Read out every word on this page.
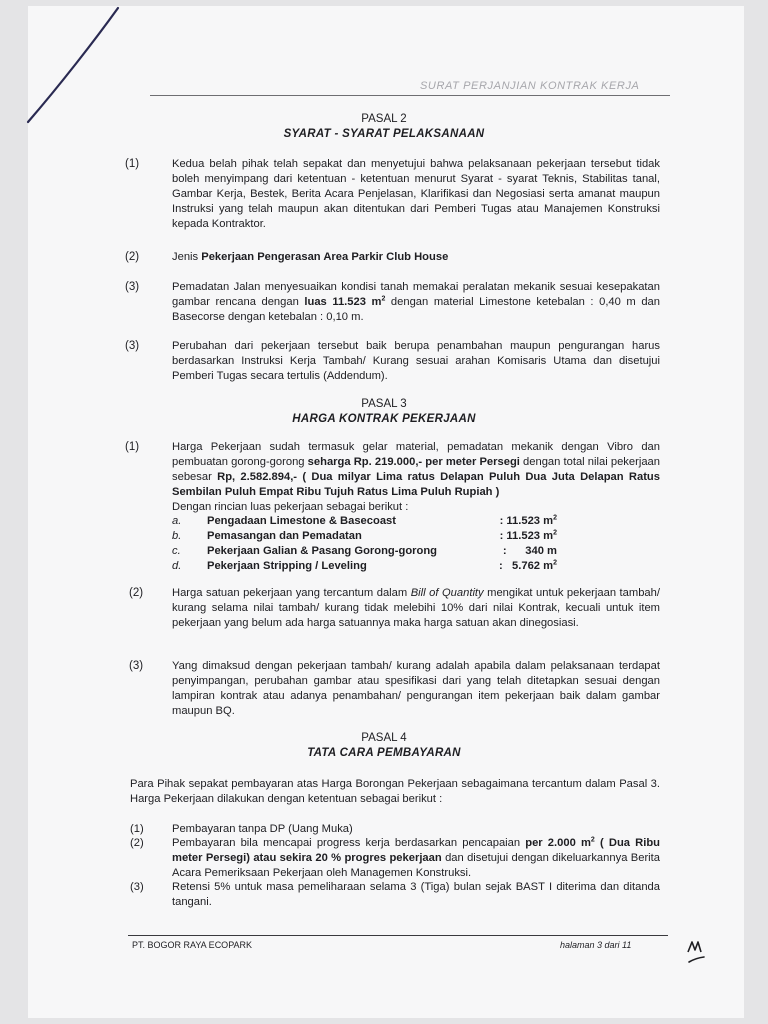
SURAT PERJANJIAN KONTRAK KERJA
PASAL 2
SYARAT - SYARAT PELAKSANAAN
(1)	Kedua belah pihak telah sepakat dan menyetujui bahwa pelaksanaan pekerjaan tersebut tidak boleh menyimpang dari ketentuan - ketentuan menurut Syarat - syarat Teknis, Stabilitas tanal, Gambar Kerja, Bestek, Berita Acara Penjelasan, Klarifikasi dan Negosiasi serta amanat maupun Instruksi yang telah maupun akan ditentukan dari Pemberi Tugas atau Manajemen Konstruksi kepada Kontraktor.
(2)	Jenis Pekerjaan Pengerasan Area Parkir Club House
(3)	Pemadatan Jalan menyesuaikan kondisi tanah memakai peralatan mekanik sesuai kesepakatan gambar rencana dengan luas 11.523 $m^2$ dengan material Limestone ketebalan : 0,40 m dan Basecorse dengan ketebalan : 0,10 m.
(3)	Perubahan dari pekerjaan tersebut baik berupa penambahan maupun pengurangan harus berdasarkan Instruksi Kerja Tambah/ Kurang sesuai arahan Komisaris Utama dan disetujui Pemberi Tugas secara tertulis (Addendum).
PASAL 3
HARGA KONTRAK PEKERJAAN
(1)	Harga Pekerjaan sudah termasuk gelar material, pemadatan mekanik dengan Vibro dan pembuatan gorong-gorong seharga Rp. 219.000,- per meter Persegi dengan total nilai pekerjaan sebesar Rp, 2.582.894,- ( Dua milyar Lima ratus Delapan Puluh Dua Juta Delapan Ratus Sembilan Puluh Empat Ribu Tujuh Ratus Lima Puluh Rupiah )
Dengan rincian luas pekerjaan sebagai berikut :
a.	Pengadaan Limestone & Basecoast	: 11.523 $m^2$
b.	Pemasangan dan Pemadatan	: 11.523 $m^2$
c.	Pekerjaan Galian & Pasang Gorong-gorong	:      340 m
d.	Pekerjaan Stripping / Leveling	:   5.762 $m^2$
(2)	Harga satuan pekerjaan yang tercantum dalam Bill of Quantity mengikat untuk pekerjaan tambah/ kurang selama nilai tambah/ kurang tidak melebihi 10% dari nilai Kontrak, kecuali untuk item pekerjaan yang belum ada harga satuannya maka harga satuan akan dinegosiasi.
(3)	Yang dimaksud dengan pekerjaan tambah/ kurang adalah apabila dalam pelaksanaan terdapat penyimpangan, perubahan gambar atau spesifikasi dari yang telah ditetapkan sesuai dengan lampiran kontrak atau adanya penambahan/ pengurangan item pekerjaan baik dalam gambar maupun BQ.
PASAL 4
TATA CARA PEMBAYARAN
Para Pihak sepakat pembayaran atas Harga Borongan Pekerjaan sebagaimana tercantum dalam Pasal 3. Harga Pekerjaan dilakukan dengan ketentuan sebagai berikut :
(1)	Pembayaran tanpa DP (Uang Muka)
(2)	Pembayaran bila mencapai progress kerja berdasarkan pencapaian per 2.000 $m^2$ ( Dua Ribu meter Persegi) atau sekira 20 % progres pekerjaan dan disetujui dengan dikeluarkannya Berita Acara Pemeriksaan Pekerjaan oleh Managemen Konstruksi.
(3)	Retensi 5% untuk masa pemeliharaan selama 3 (Tiga) bulan sejak BAST I diterima dan ditanda tangani.
PT. BOGOR RAYA ECOPARK	halaman 3 dari 11
